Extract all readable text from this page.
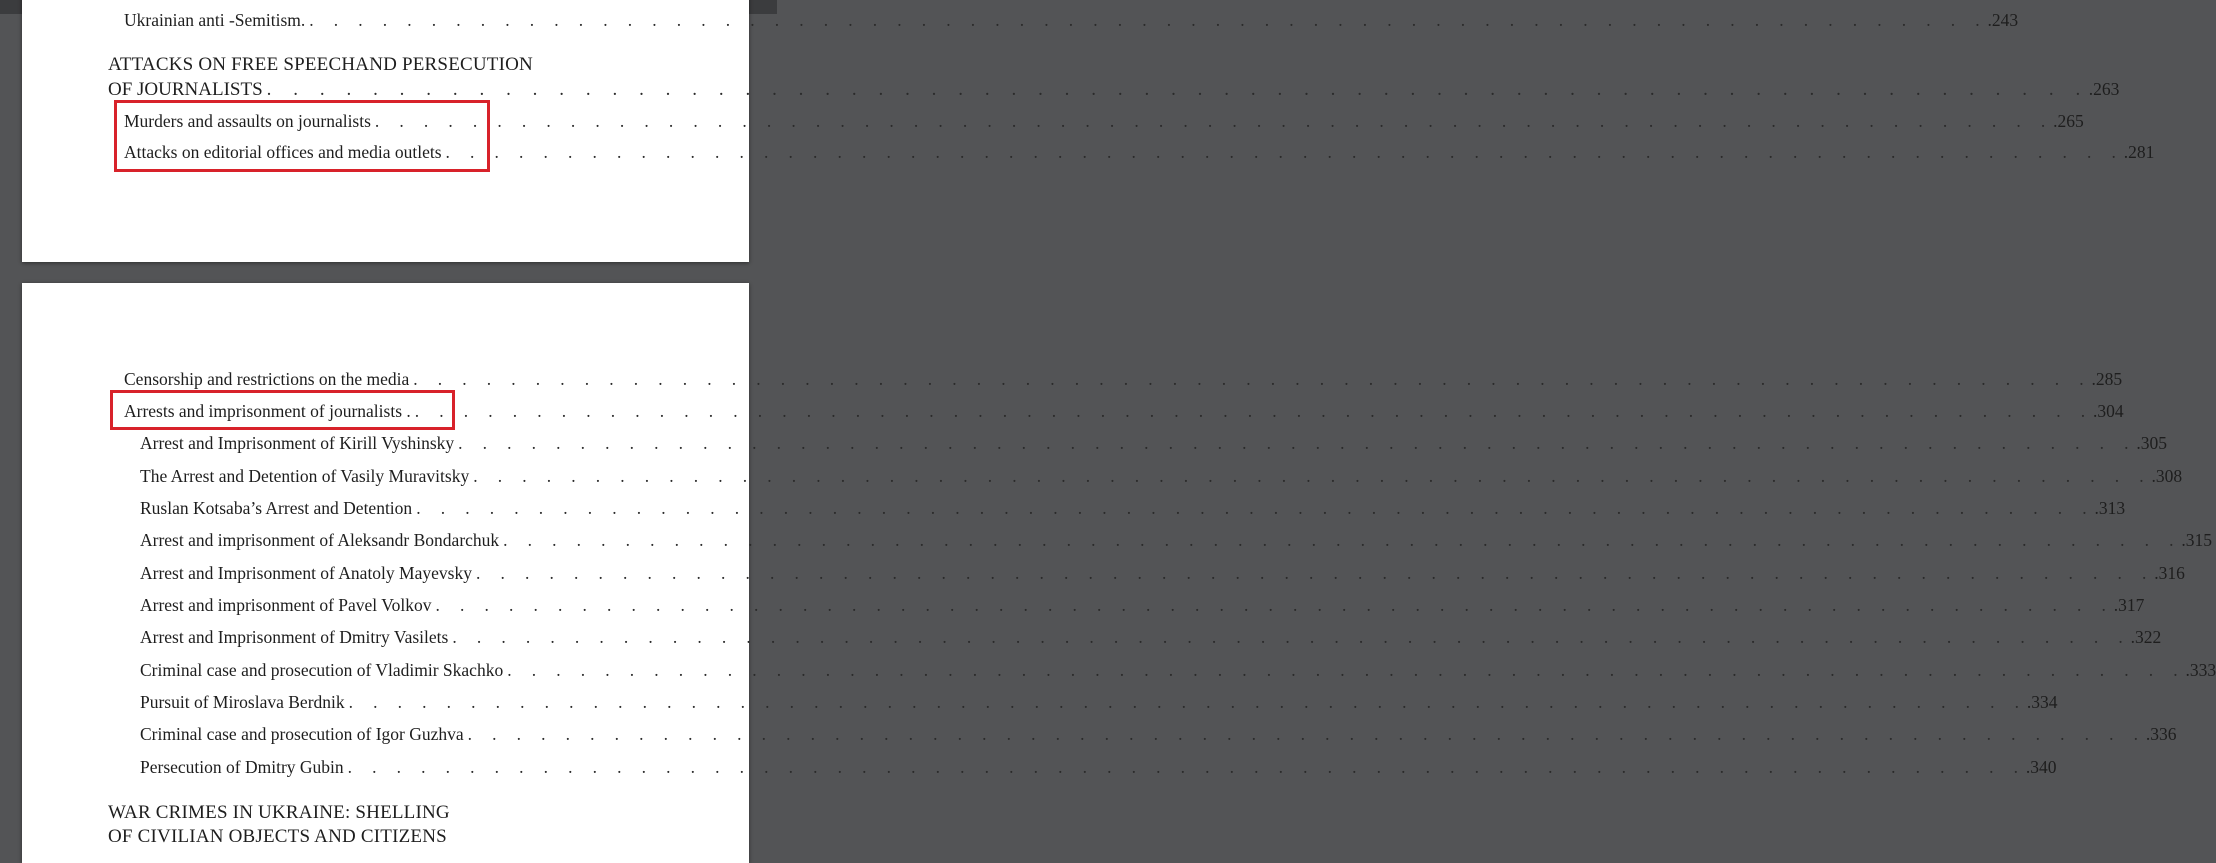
Ukrainian anti -Semitism. . . . . . . . . . . . . . . . . . . . . . . . . . . . . . . . . . . . . . . . . . . . . . . . . . . . . . . . . . . . . . . . . . . . . . .243
ATTACKS ON FREE SPEECHAND PERSECUTION
OF JOURNALISTS . . . . . . . . . . . . . . . . . . . . . . . . . . . . . . . . . . . . . . . . . . . . . . . . . . . . . . . . . . . . . . . . . . . . . .263
Murders and assaults on journalists . . . . . . . . . . . . . . . . . . . . . . . . . . . . . . . . . . . . . . . . . . . . . . . . . . . . . . . . . . . . . . . . . . . . . .265
Attacks on editorial offices and media outlets . . . . . . . . . . . . . . . . . . . . . . . . . . . . . . . . . . . . . . . . . . . . . . . . . . . . . . . . . . . . . . . . . . . . . .281
Censorship and restrictions on the media . . . . . . . . . . . . . . . . . . . . . . . . . . . . . . . . . . . . . . . . . . . . . . . . . . . . . . . . . . . . . . . . . . . . . .285
Arrests and imprisonment of journalists . . . . . . . . . . . . . . . . . . . . . . . . . . . . . . . . . . . . . . . . . . . . . . . . . . . . . . . . . . . . . . . . . . . . . . .304
Arrest and Imprisonment of Kirill Vyshinsky . . . . . . . . . . . . . . . . . . . . . . . . . . . . . . . . . . . . . . . . . . . . . . . . . . . . . . . . . . . . . . . . . . . . . .305
The Arrest and Detention of Vasily Muravitsky . . . . . . . . . . . . . . . . . . . . . . . . . . . . . . . . . . . . . . . . . . . . . . . . . . . . . . . . . . . . . . . . . . . . . .308
Ruslan Kotsaba’s Arrest and Detention . . . . . . . . . . . . . . . . . . . . . . . . . . . . . . . . . . . . . . . . . . . . . . . . . . . . . . . . . . . . . . . . . . . . . .313
Arrest and imprisonment of Aleksandr Bondarchuk . . . . . . . . . . . . . . . . . . . . . . . . . . . . . . . . . . . . . . . . . . . . . . . . . . . . . . . . . . . . . . . . . . . . . .315
Arrest and Imprisonment of Anatoly Mayevsky . . . . . . . . . . . . . . . . . . . . . . . . . . . . . . . . . . . . . . . . . . . . . . . . . . . . . . . . . . . . . . . . . . . . . .316
Arrest and imprisonment of Pavel Volkov . . . . . . . . . . . . . . . . . . . . . . . . . . . . . . . . . . . . . . . . . . . . . . . . . . . . . . . . . . . . . . . . . . . . . .317
Arrest and Imprisonment of Dmitry Vasilets . . . . . . . . . . . . . . . . . . . . . . . . . . . . . . . . . . . . . . . . . . . . . . . . . . . . . . . . . . . . . . . . . . . . . .322
Criminal case and prosecution of Vladimir Skachko . . . . . . . . . . . . . . . . . . . . . . . . . . . . . . . . . . . . . . . . . . . . . . . . . . . . . . . . . . . . . . . . . . . . . .333
Pursuit of Miroslava Berdnik . . . . . . . . . . . . . . . . . . . . . . . . . . . . . . . . . . . . . . . . . . . . . . . . . . . . . . . . . . . . . . . . . . . . . .334
Criminal case and prosecution of Igor Guzhva . . . . . . . . . . . . . . . . . . . . . . . . . . . . . . . . . . . . . . . . . . . . . . . . . . . . . . . . . . . . . . . . . . . . . .336
Persecution of Dmitry Gubin . . . . . . . . . . . . . . . . . . . . . . . . . . . . . . . . . . . . . . . . . . . . . . . . . . . . . . . . . . . . . . . . . . . . . .340
WAR CRIMES IN UKRAINE: SHELLING
OF CIVILIAN OBJECTS AND CITIZENS
